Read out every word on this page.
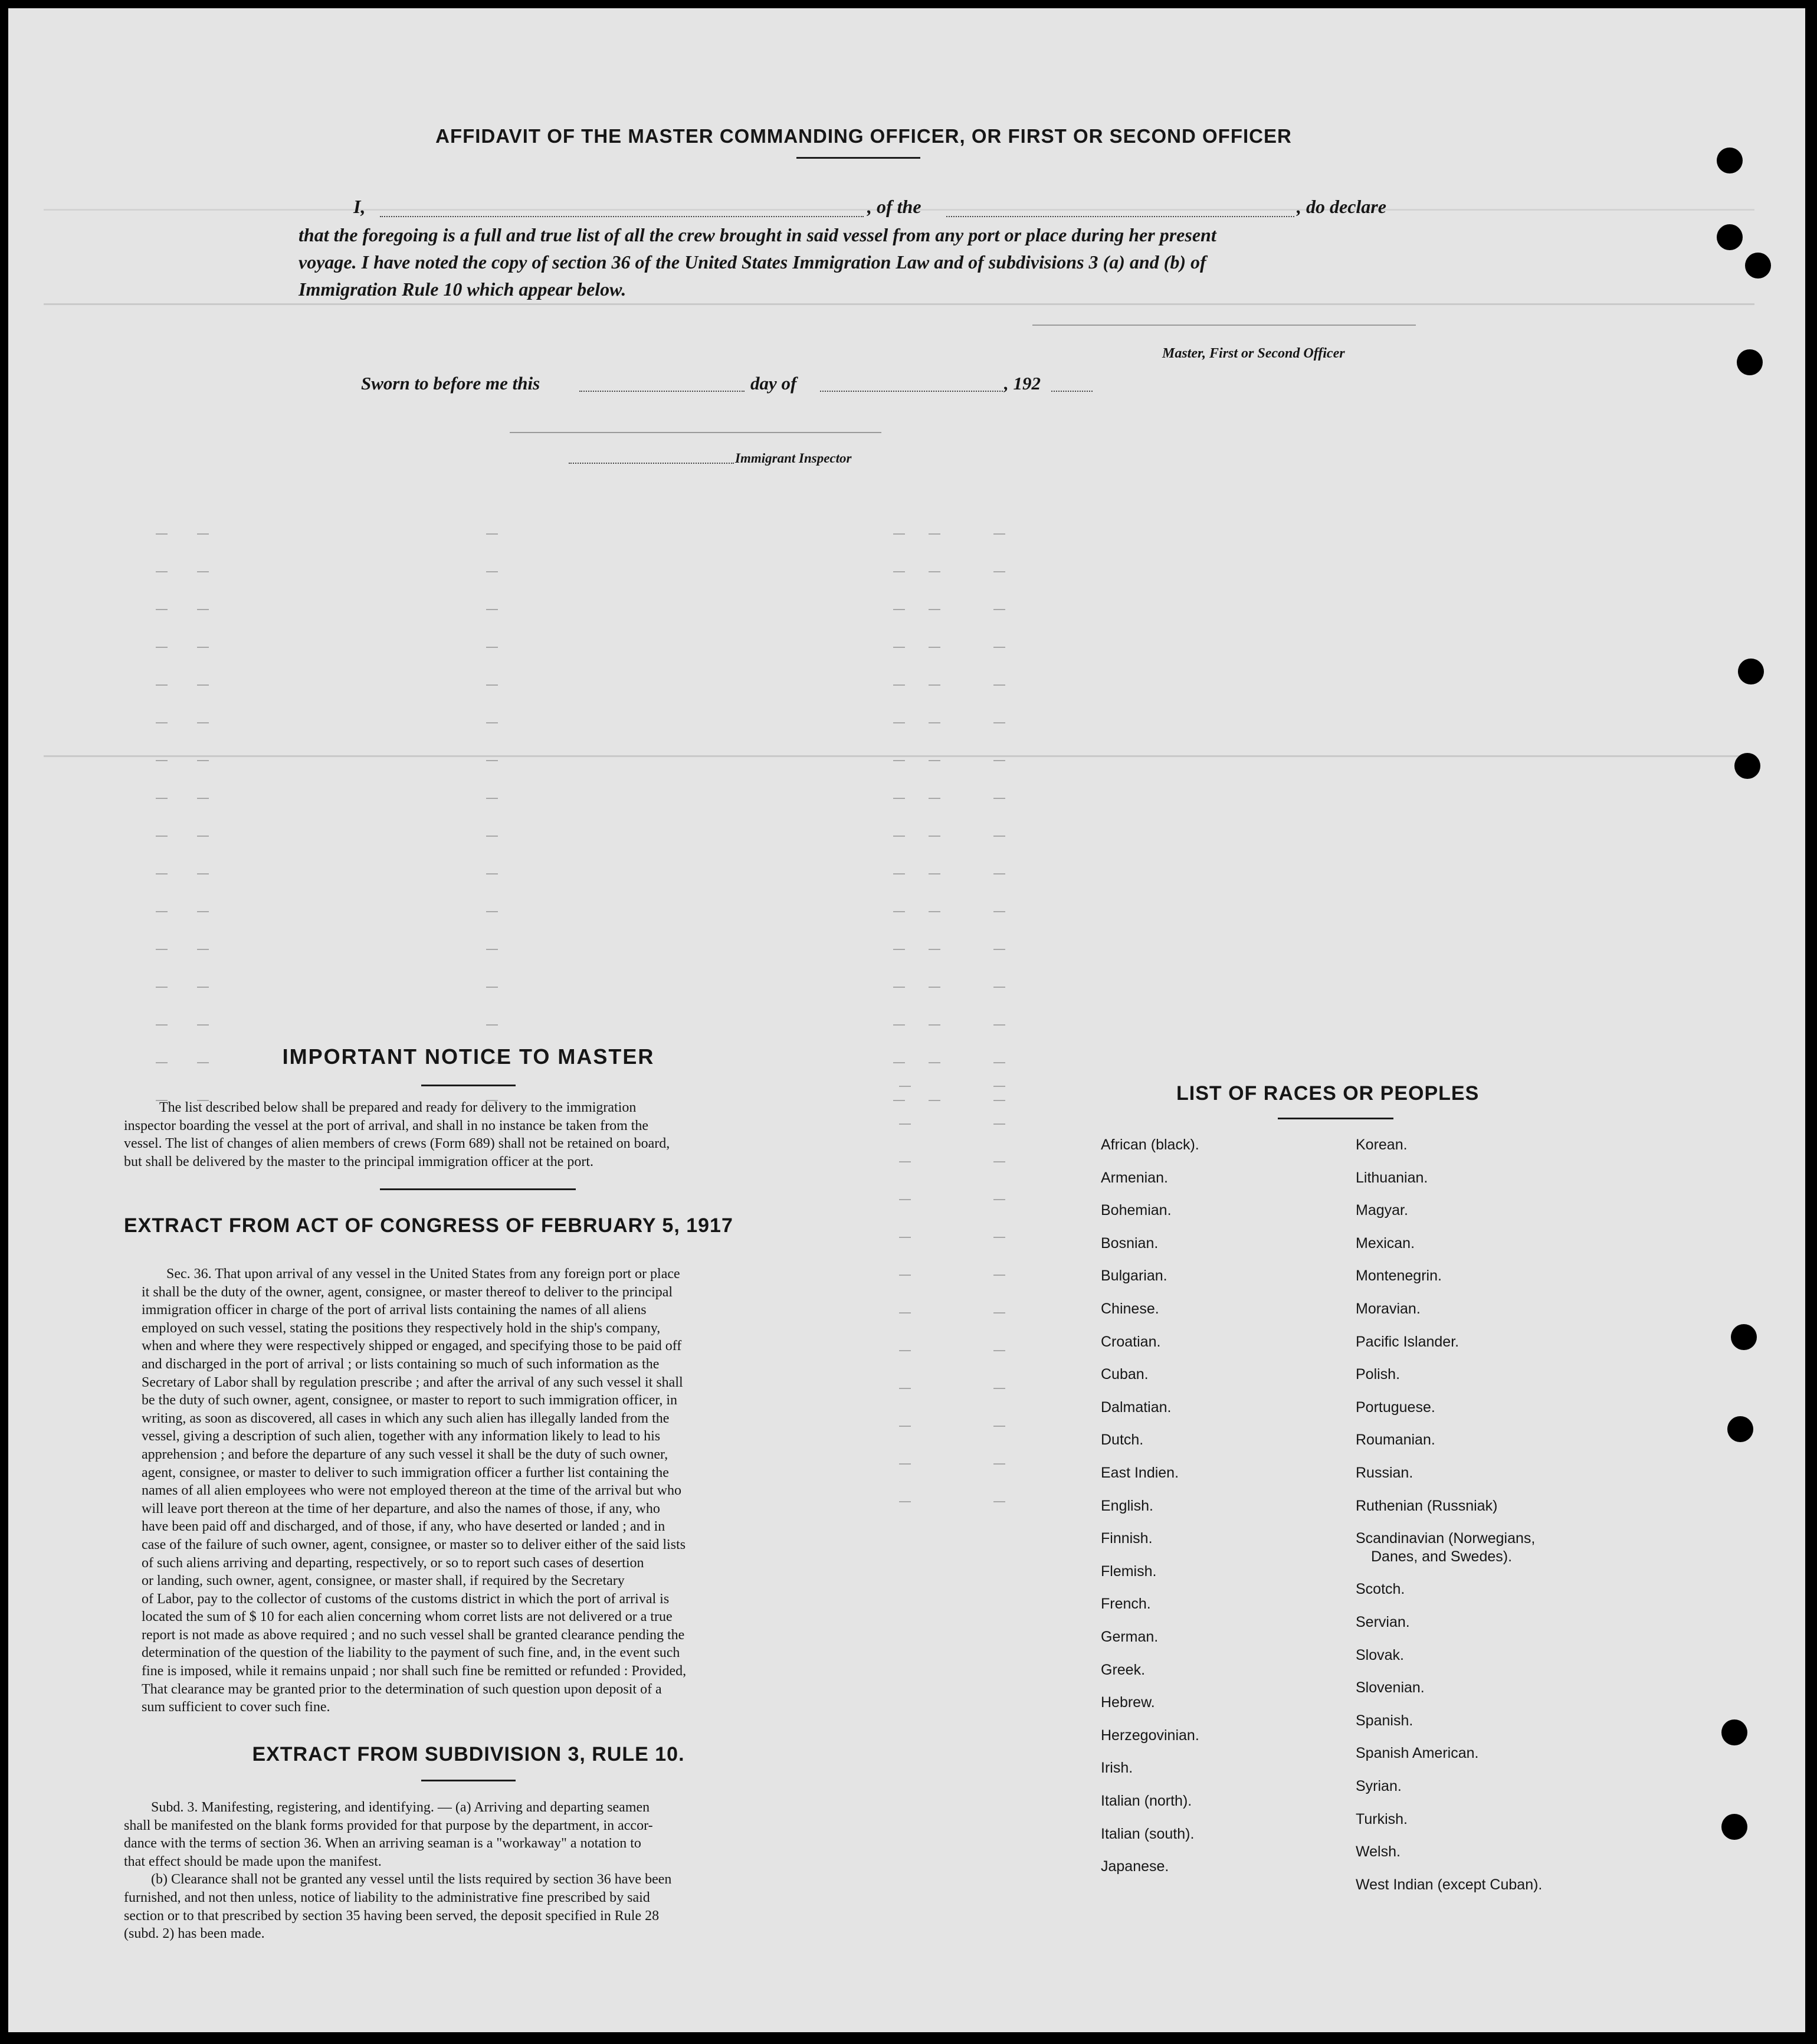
AFFIDAVIT OF THE MASTER COMMANDING OFFICER, OR FIRST OR SECOND OFFICER
I,	, of the	, do declare
that the foregoing is a full and true list of all the crew brought in said vessel from any port or place during her present
voyage. I have noted the copy of section 36 of the United States Immigration Law and of subdivisions 3 (a) and (b) of
Immigration Rule 10 which appear below.
Master, First or Second Officer
Sworn to before me this	day of	, 192
Immigrant Inspector
IMPORTANT NOTICE TO MASTER
The list described below shall be prepared and ready for delivery to the immigration
inspector boarding the vessel at the port of arrival, and shall in no instance be taken from the
vessel. The list of changes of alien members of crews (Form 689) shall not be retained on board,
but shall be delivered by the master to the principal immigration officer at the port.
EXTRACT FROM ACT OF CONGRESS OF FEBRUARY 5, 1917
Sec. 36. That upon arrival of any vessel in the United States from any foreign port or place
it shall be the duty of the owner, agent, consignee, or master thereof to deliver to the principal
immigration officer in charge of the port of arrival lists containing the names of all aliens
employed on such vessel, stating the positions they respectively hold in the ship's company,
when and where they were respectively shipped or engaged, and specifying those to be paid off
and discharged in the port of arrival ; or lists containing so much of such information as the
Secretary of Labor shall by regulation prescribe ; and after the arrival of any such vessel it shall
be the duty of such owner, agent, consignee, or master to report to such immigration officer, in
writing, as soon as discovered, all cases in which any such alien has illegally landed from the
vessel, giving a description of such alien, together with any information likely to lead to his
apprehension ; and before the departure of any such vessel it shall be the duty of such owner,
agent, consignee, or master to deliver to such immigration officer a further list containing the
names of all alien employees who were not employed thereon at the time of the arrival but who
will leave port thereon at the time of her departure, and also the names of those, if any, who
have been paid off and discharged, and of those, if any, who have deserted or landed ; and in
case of the failure of such owner, agent, consignee, or master so to deliver either of the said lists
of such aliens arriving and departing, respectively, or so to report such cases of desertion
or landing, such owner, agent, consignee, or master shall, if required by the Secretary
of Labor, pay to the collector of customs of the customs district in which the port of arrival is
located the sum of $ 10 for each alien concerning whom corret lists are not delivered or a true
report is not made as above required ; and no such vessel shall be granted clearance pending the
determination of the question of the liability to the payment of such fine, and, in the event such
fine is imposed, while it remains unpaid ; nor shall such fine be remitted or refunded : Provided,
That clearance may be granted prior to the determination of such question upon deposit of a
sum sufficient to cover such fine.
EXTRACT FROM SUBDIVISION 3, RULE 10.
Subd. 3. Manifesting, registering, and identifying. — (a) Arriving and departing seamen
shall be manifested on the blank forms provided for that purpose by the department, in accor-
dance with the terms of section 36. When an arriving seaman is a "workaway" a notation to
that effect should be made upon the manifest.
(b) Clearance shall not be granted any vessel until the lists required by section 36 have been
furnished, and not then unless, notice of liability to the administrative fine prescribed by said
section or to that prescribed by section 35 having been served, the deposit specified in Rule 28
(subd. 2) has been made.
LIST OF RACES OR PEOPLES
African (black).
Armenian.
Bohemian.
Bosnian.
Bulgarian.
Chinese.
Croatian.
Cuban.
Dalmatian.
Dutch.
East Indien.
English.
Finnish.
Flemish.
French.
German.
Greek.
Hebrew.
Herzegovinian.
Irish.
Italian (north).
Italian (south).
Japanese.
Korean.
Lithuanian.
Magyar.
Mexican.
Montenegrin.
Moravian.
Pacific Islander.
Polish.
Portuguese.
Roumanian.
Russian.
Ruthenian (Russniak)
Scandinavian (Norwegians,
Danes, and Swedes).
Scotch.
Servian.
Slovak.
Slovenian.
Spanish.
Spanish American.
Syrian.
Turkish.
Welsh.
West Indian (except Cuban).
